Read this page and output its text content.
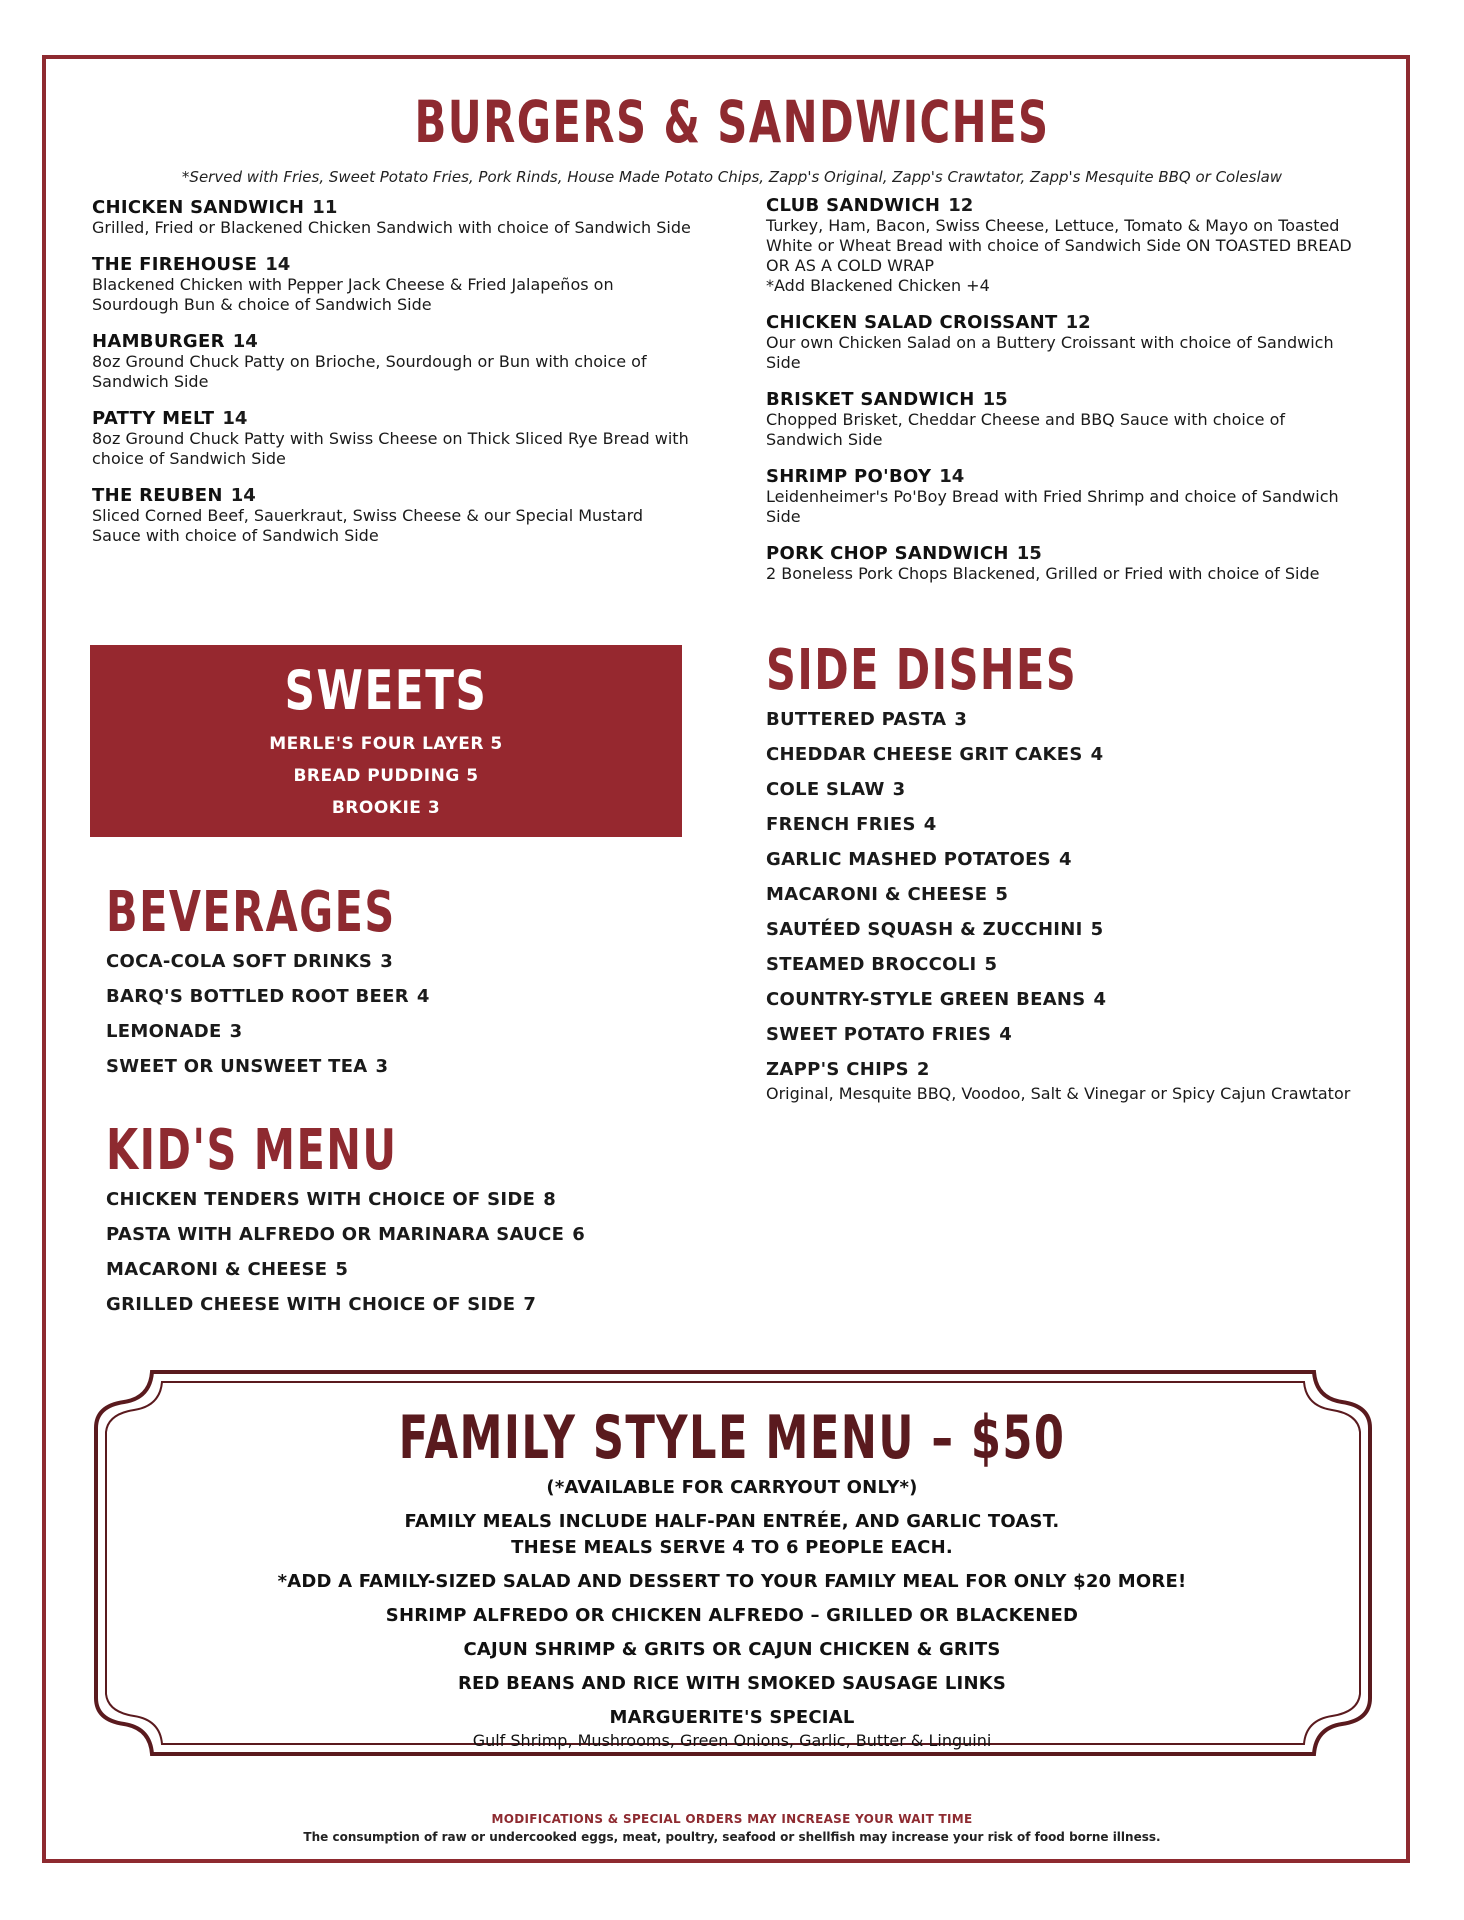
BURGERS & SANDWICHES
*Served with Fries, Sweet Potato Fries, Pork Rinds, House Made Potato Chips, Zapp's Original, Zapp's Crawtator, Zapp's Mesquite BBQ or Coleslaw
CHICKEN SANDWICH 11
Grilled, Fried or Blackened Chicken Sandwich with choice of Sandwich Side
THE FIREHOUSE 14
Blackened Chicken with Pepper Jack Cheese & Fried Jalapeños on Sourdough Bun & choice of Sandwich Side
HAMBURGER 14
8oz Ground Chuck Patty on Brioche, Sourdough or Bun with choice of Sandwich Side
PATTY MELT 14
8oz Ground Chuck Patty with Swiss Cheese on Thick Sliced Rye Bread with choice of Sandwich Side
THE REUBEN 14
Sliced Corned Beef, Sauerkraut, Swiss Cheese & our Special Mustard Sauce with choice of Sandwich Side
CLUB SANDWICH 12
Turkey, Ham, Bacon, Swiss Cheese, Lettuce, Tomato & Mayo on Toasted White or Wheat Bread with choice of Sandwich Side ON TOASTED BREAD OR AS A COLD WRAP
*Add Blackened Chicken +4
CHICKEN SALAD CROISSANT 12
Our own Chicken Salad on a Buttery Croissant with choice of Sandwich Side
BRISKET SANDWICH 15
Chopped Brisket, Cheddar Cheese and BBQ Sauce with choice of Sandwich Side
SHRIMP PO'BOY 14
Leidenheimer's Po'Boy Bread with Fried Shrimp and choice of Sandwich Side
PORK CHOP SANDWICH 15
2 Boneless Pork Chops Blackened, Grilled or Fried with choice of Side
SWEETS
MERLE'S FOUR LAYER 5
BREAD PUDDING 5
BROOKIE 3
BEVERAGES
COCA-COLA SOFT DRINKS 3
BARQ'S BOTTLED ROOT BEER 4
LEMONADE 3
SWEET OR UNSWEET TEA 3
KID'S MENU
CHICKEN TENDERS WITH CHOICE OF SIDE 8
PASTA WITH ALFREDO OR MARINARA SAUCE 6
MACARONI & CHEESE 5
GRILLED CHEESE WITH CHOICE OF SIDE 7
SIDE DISHES
BUTTERED PASTA 3
CHEDDAR CHEESE GRIT CAKES 4
COLE SLAW 3
FRENCH FRIES 4
GARLIC MASHED POTATOES 4
MACARONI & CHEESE 5
SAUTÉED SQUASH & ZUCCHINI 5
STEAMED BROCCOLI 5
COUNTRY-STYLE GREEN BEANS 4
SWEET POTATO FRIES 4
ZAPP'S CHIPS 2
Original, Mesquite BBQ, Voodoo, Salt & Vinegar or Spicy Cajun Crawtator
FAMILY STYLE MENU – $50
(*AVAILABLE FOR CARRYOUT ONLY*)
FAMILY MEALS INCLUDE HALF-PAN ENTRÉE, AND GARLIC TOAST.
THESE MEALS SERVE 4 TO 6 PEOPLE EACH.
*ADD A FAMILY-SIZED SALAD AND DESSERT TO YOUR FAMILY MEAL FOR ONLY $20 MORE!
SHRIMP ALFREDO OR CHICKEN ALFREDO – GRILLED OR BLACKENED
CAJUN SHRIMP & GRITS OR CAJUN CHICKEN & GRITS
RED BEANS AND RICE WITH SMOKED SAUSAGE LINKS
MARGUERITE'S SPECIAL
Gulf Shrimp, Mushrooms, Green Onions, Garlic, Butter & Linguini
MODIFICATIONS & SPECIAL ORDERS MAY INCREASE YOUR WAIT TIME
The consumption of raw or undercooked eggs, meat, poultry, seafood or shellfish may increase your risk of food borne illness.
